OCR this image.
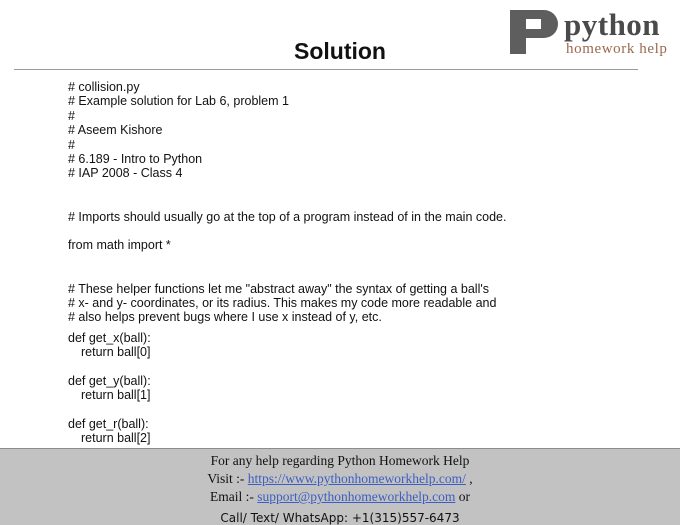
Solution
python
homework help
# collision.py
# Example solution for Lab 6, problem 1
#
# Aseem Kishore
#
# 6.189 - Intro to Python
# IAP 2008 - Class 4
# Imports should usually go at the top of a program instead of in the main code.
from math import *
# These helper functions let me "abstract away" the syntax of getting a ball's
# x- and y- coordinates, or its radius. This makes my code more readable and
# also helps prevent bugs where I use x instead of y, etc.
def get_x(ball):
return ball[0]
def get_y(ball):
return ball[1]
def get_r(ball):
return ball[2]
For any help regarding Python Homework Help
Visit :- https://www.pythonhomeworkhelp.com/ ,
Email :- support@pythonhomeworkhelp.com or
Call/ Text/ WhatsApp: +1(315)557-6473
